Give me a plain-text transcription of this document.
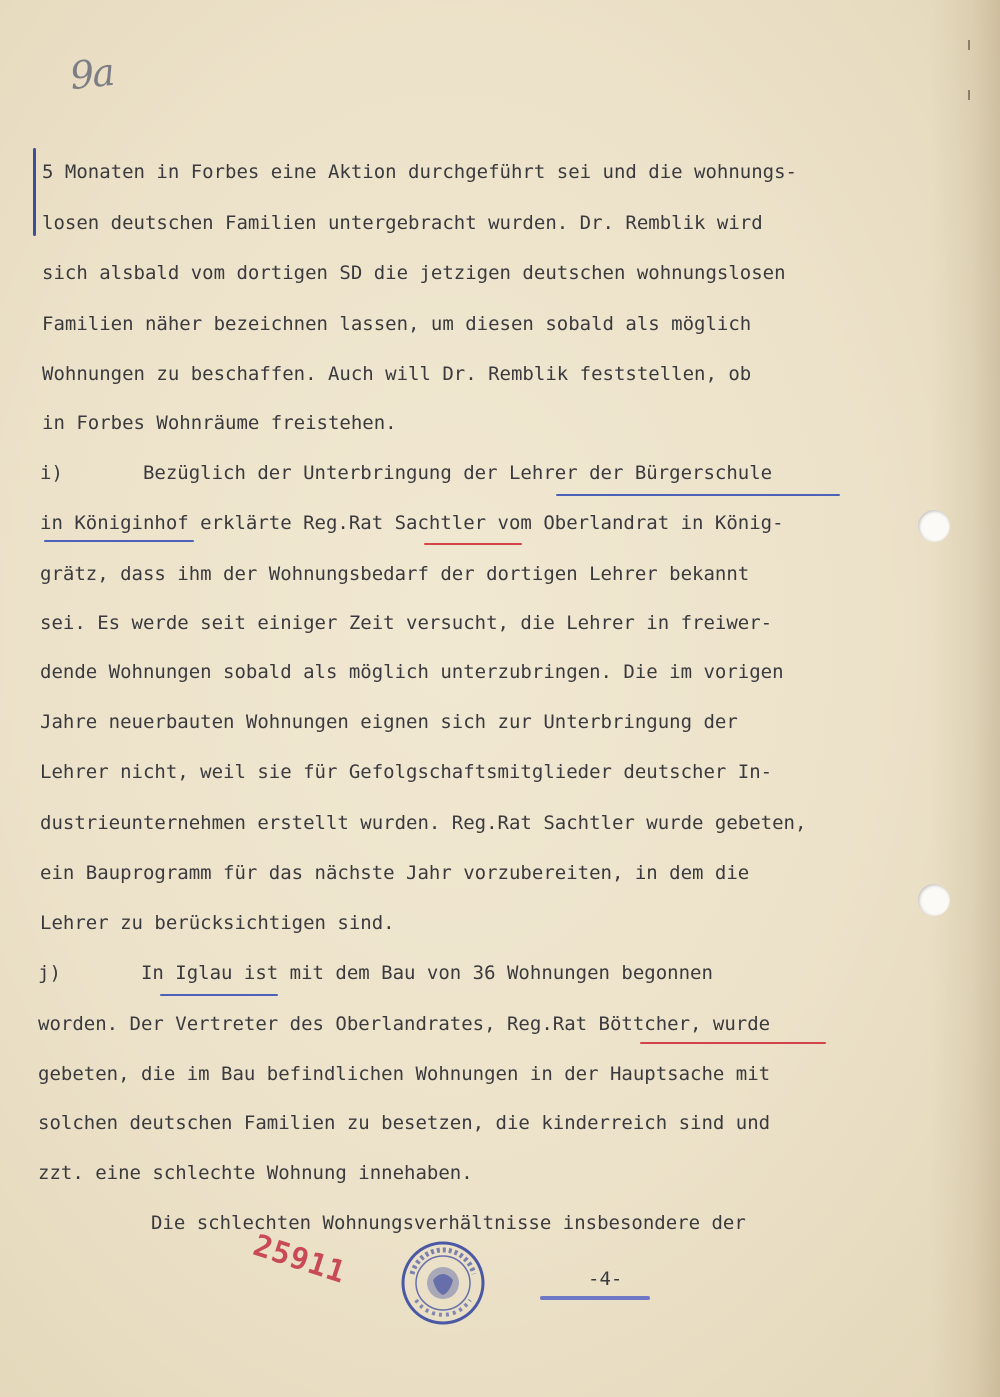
9a
5 Monaten in Forbes eine Aktion durchgeführt sei und die wohnungs-
losen deutschen Familien untergebracht wurden. Dr. Remblik wird
sich alsbald vom dortigen SD die jetzigen deutschen wohnungslosen
Familien näher bezeichnen lassen, um diesen sobald als möglich
Wohnungen zu beschaffen. Auch will Dr. Remblik feststellen, ob
in Forbes Wohnräume freistehen.
i)       Bezüglich der Unterbringung der Lehrer der Bürgerschule
in Königinhof erklärte Reg.Rat Sachtler vom Oberlandrat in König-
grätz, dass ihm der Wohnungsbedarf der dortigen Lehrer bekannt
sei. Es werde seit einiger Zeit versucht, die Lehrer in freiwer-
dende Wohnungen sobald als möglich unterzubringen. Die im vorigen
Jahre neuerbauten Wohnungen eignen sich zur Unterbringung der
Lehrer nicht, weil sie für Gefolgschaftsmitglieder deutscher In-
dustrieunternehmen erstellt wurden. Reg.Rat Sachtler wurde gebeten,
ein Bauprogramm für das nächste Jahr vorzubereiten, in dem die
Lehrer zu berücksichtigen sind.
j)       In Iglau ist mit dem Bau von 36 Wohnungen begonnen
worden. Der Vertreter des Oberlandrates, Reg.Rat Böttcher, wurde
gebeten, die im Bau befindlichen Wohnungen in der Hauptsache mit
solchen deutschen Familien zu besetzen, die kinderreich sind und
zzt. eine schlechte Wohnung innehaben.
Die schlechten Wohnungsverhältnisse insbesondere der
25911	-4-
